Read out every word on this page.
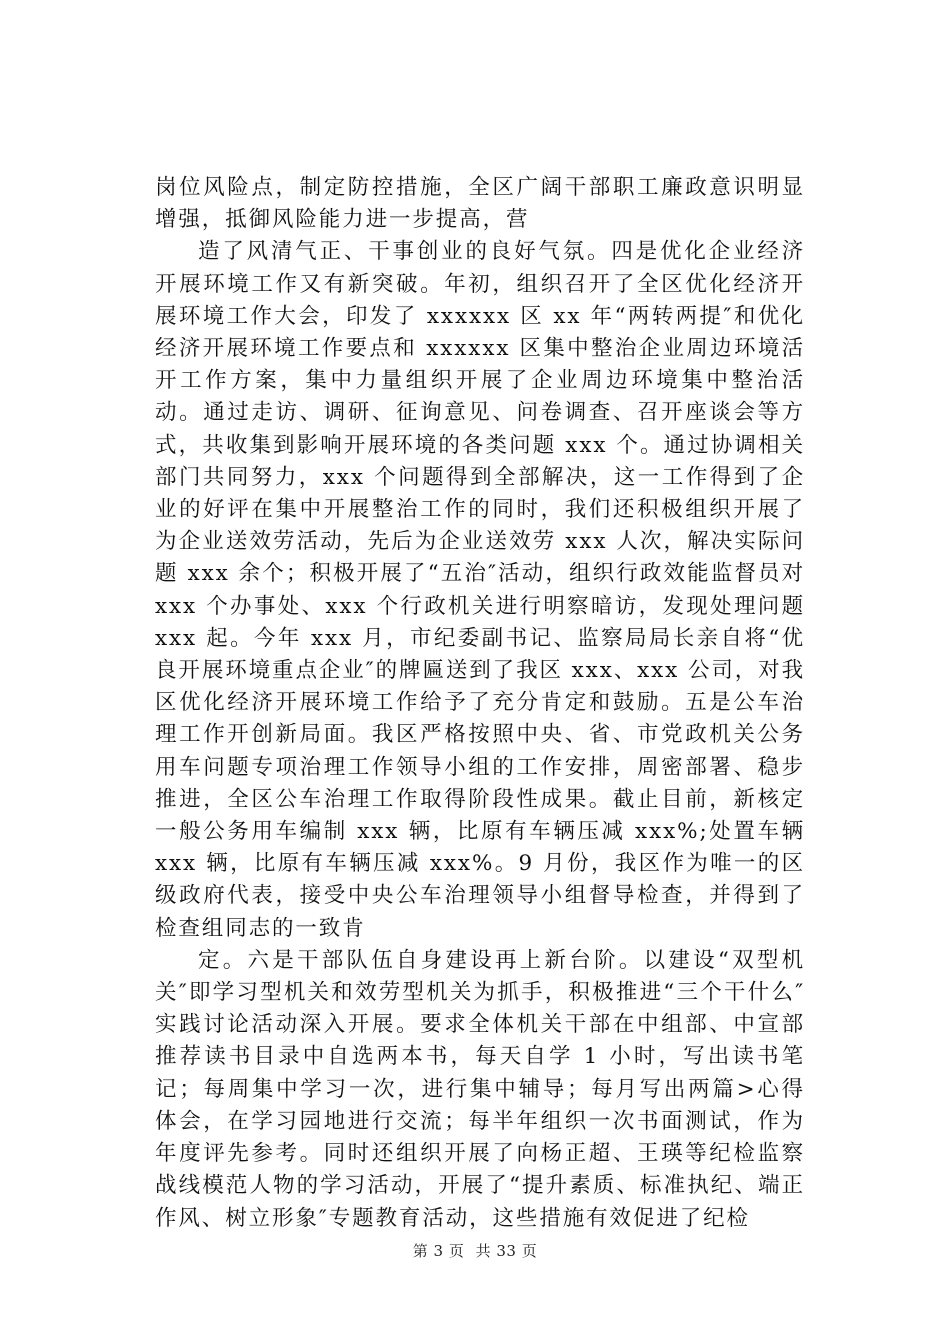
岗位风险点，制定防控措施，全区广阔干部职工廉政意识明显增强，抵御风险能力进一步提高，营

造了风清气正、干事创业的良好气氛。四是优化企业经济开展环境工作又有新突破。年初，组织召开了全区优化经济开展环境工作大会，印发了 xxxxxx 区 xx 年“两转两提″和优化经济开展环境工作要点和 xxxxxx 区集中整治企业周边环境活开工作方案，集中力量组织开展了企业周边环境集中整治活动。通过走访、调研、征询意见、问卷调查、召开座谈会等方式，共收集到影响开展环境的各类问题 xxx 个。通过协调相关部门共同努力，xxx 个问题得到全部解决，这一工作得到了企业的好评在集中开展整治工作的同时，我们还积极组织开展了为企业送效劳活动，先后为企业送效劳 xxx 人次，解决实际问题 xxx 余个；积极开展了“五治″活动，组织行政效能监督员对 xxx 个办事处、xxx 个行政机关进行明察暗访，发现处理问题 xxx 起。今年 xxx 月，市纪委副书记、监察局局长亲自将“优良开展环境重点企业″的牌匾送到了我区 xxx、xxx 公司，对我区优化经济开展环境工作给予了充分肯定和鼓励。五是公车治理工作开创新局面。我区严格按照中央、省、市党政机关公务用车问题专项治理工作领导小组的工作安排，周密部署、稳步推进，全区公车治理工作取得阶段性成果。截止目前，新核定一般公务用车编制 xxx 辆，比原有车辆压减 xxx%;处置车辆 xxx 辆，比原有车辆压减 xxx%。9 月份，我区作为唯一的区级政府代表，接受中央公车治理领导小组督导检查，并得到了检查组同志的一致肯

定。六是干部队伍自身建设再上新台阶。以建设“双型机关″即学习型机关和效劳型机关为抓手，积极推进“三个干什么″实践讨论活动深入开展。要求全体机关干部在中组部、中宣部推荐读书目录中自选两本书，每天自学 1 小时，写出读书笔记；每周集中学习一次，进行集中辅导；每月写出两篇>心得体会，在学习园地进行交流；每半年组织一次书面测试，作为年度评先参考。同时还组织开展了向杨正超、王瑛等纪检监察战线模范人物的学习活动，开展了“提升素质、标准执纪、端正作风、树立形象″专题教育活动，这些措施有效促进了纪检

第 3 页 共 33 页
